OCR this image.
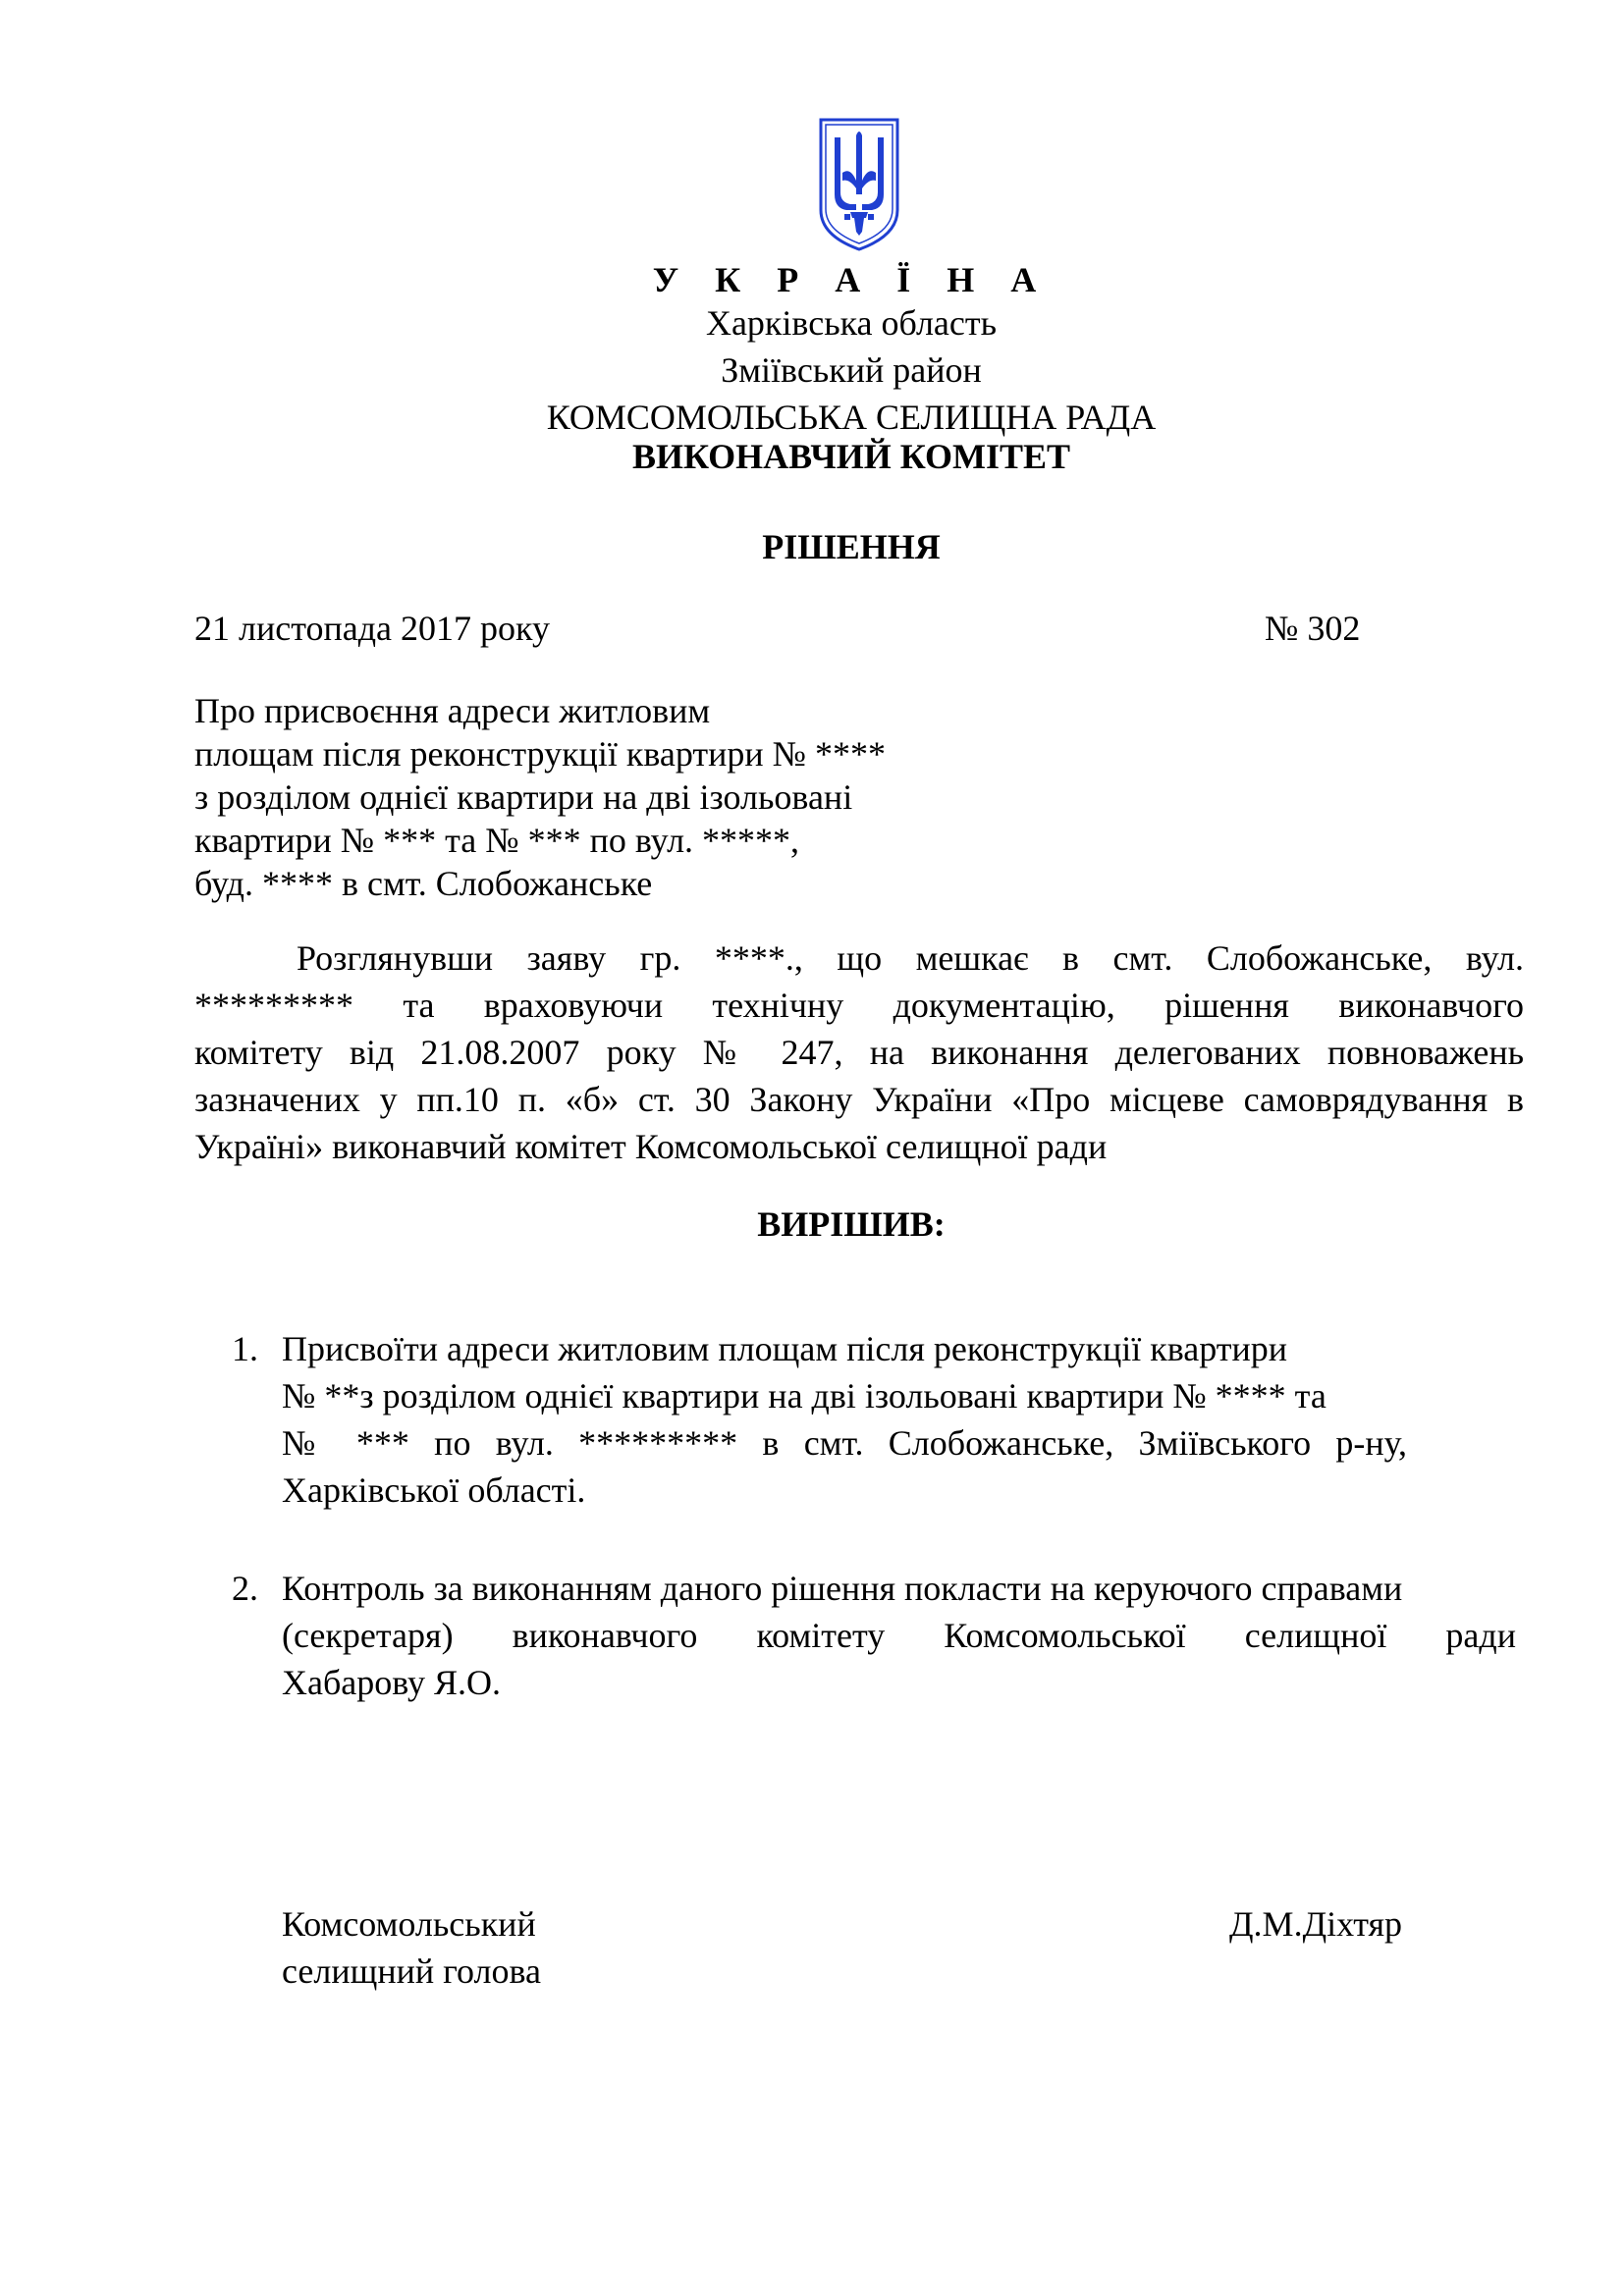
У К Р А Ї Н А
Харківська область
Зміївський район
КОМСОМОЛЬСЬКА СЕЛИЩНА РАДА
ВИКОНАВЧИЙ КОМІТЕТ
РІШЕННЯ
21 листопада 2017 року	№ 302
Про присвоєння адреси житловим
площам після реконструкції квартири № ****
з розділом однієї квартири на дві ізольовані
квартири № *** та № *** по вул. *****,
буд. **** в смт. Слобожанське
Розглянувши заяву гр. ****., що мешкає в смт. Слобожанське, вул.
********* та враховуючи технічну документацію, рішення виконавчого
комітету від 21.08.2007 року № 247, на виконання делегованих повноважень
зазначених у пп.10 п. «б» ст. 30 Закону України «Про місцеве самоврядування в
Україні» виконавчий комітет Комсомольської селищної ради
ВИРІШИВ:
1. Присвоїти адреси житловим площам після реконструкції квартири
№ **з розділом однієї квартири на дві ізольовані квартири № **** та
№ *** по вул. ********* в смт. Слобожанське, Зміївського р-ну,
Харківської області.
2. Контроль за виконанням даного рішення покласти на керуючого справами
(секретаря) виконавчого комітету Комсомольської селищної ради
Хабарову Я.О.
Комсомольський
селищний голова
Д.М.Діхтяр
